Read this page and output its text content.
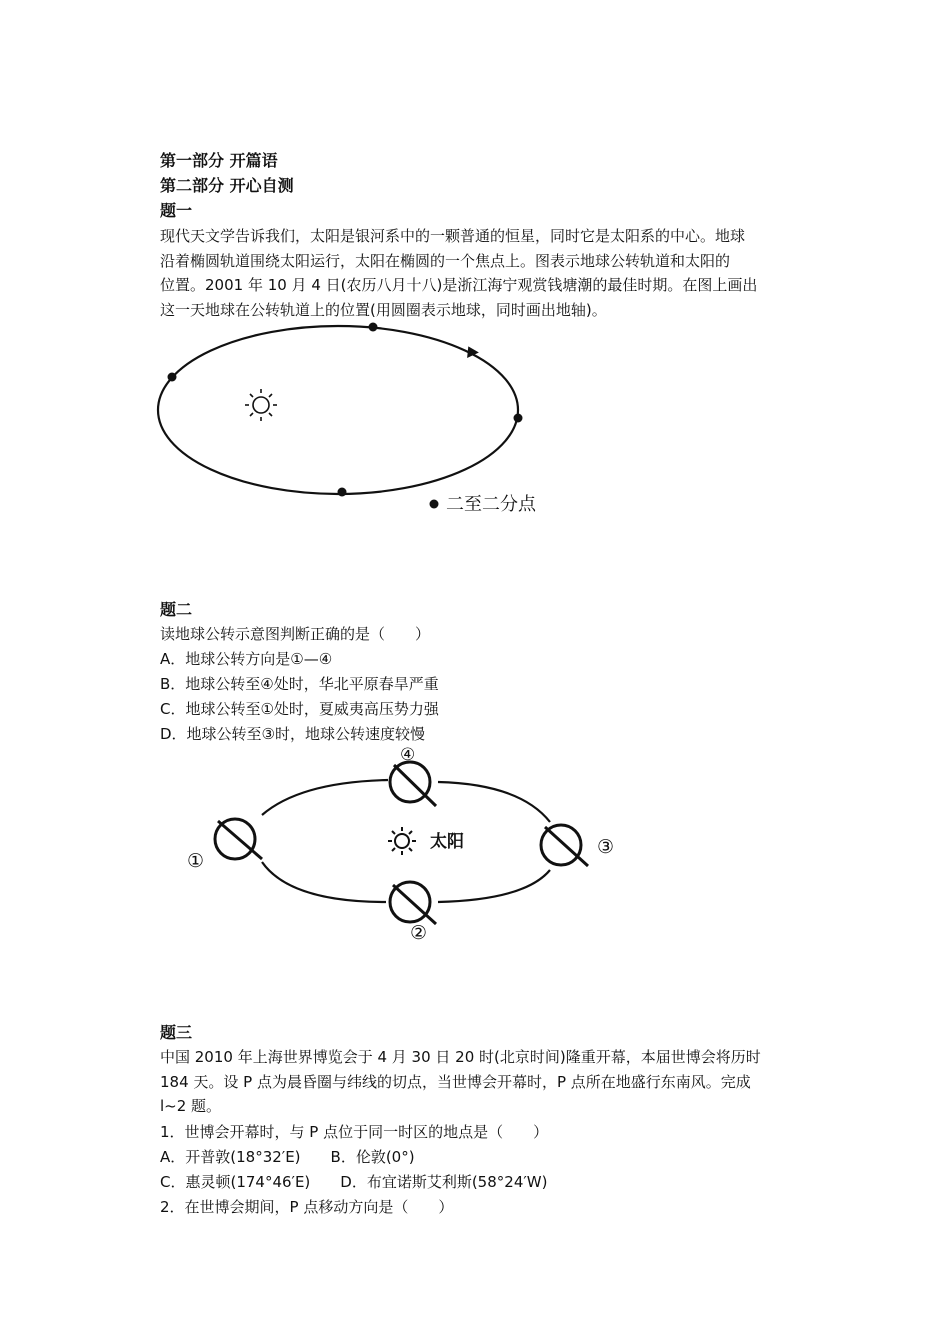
第一部分 开篇语
第二部分 开心自测
题一
现代天文学告诉我们，太阳是银河系中的一颗普通的恒星，同时它是太阳系的中心。地球
沿着椭圆轨道围绕太阳运行，太阳在椭圆的一个焦点上。图表示地球公转轨道和太阳的
位置。2001 年 10 月 4 日(农历八月十八)是浙江海宁观赏钱塘潮的最佳时期。在图上画出
这一天地球在公转轨道上的位置(用圆圈表示地球，同时画出地轴)。
二至二分点
题二
读地球公转示意图判断正确的是（　　）
A．地球公转方向是①—④
B．地球公转至④处时，华北平原春旱严重
C．地球公转至①处时，夏威夷高压势力强
D．地球公转至③时，地球公转速度较慢
太阳
①
②
③
④
题三
中国 2010 年上海世界博览会于 4 月 30 日 20 时(北京时间)隆重开幕，本届世博会将历时
184 天。设 P 点为晨昏圈与纬线的切点，当世博会开幕时，P 点所在地盛行东南风。完成
l~2 题。
1．世博会开幕时，与 P 点位于同一时区的地点是（　　）
A．开普敦(18°32′E)　　B．伦敦(0°)
C．惠灵顿(174°46′E)　　D．布宜诺斯艾利斯(58°24′W)
2．在世博会期间，P 点移动方向是（　　）
